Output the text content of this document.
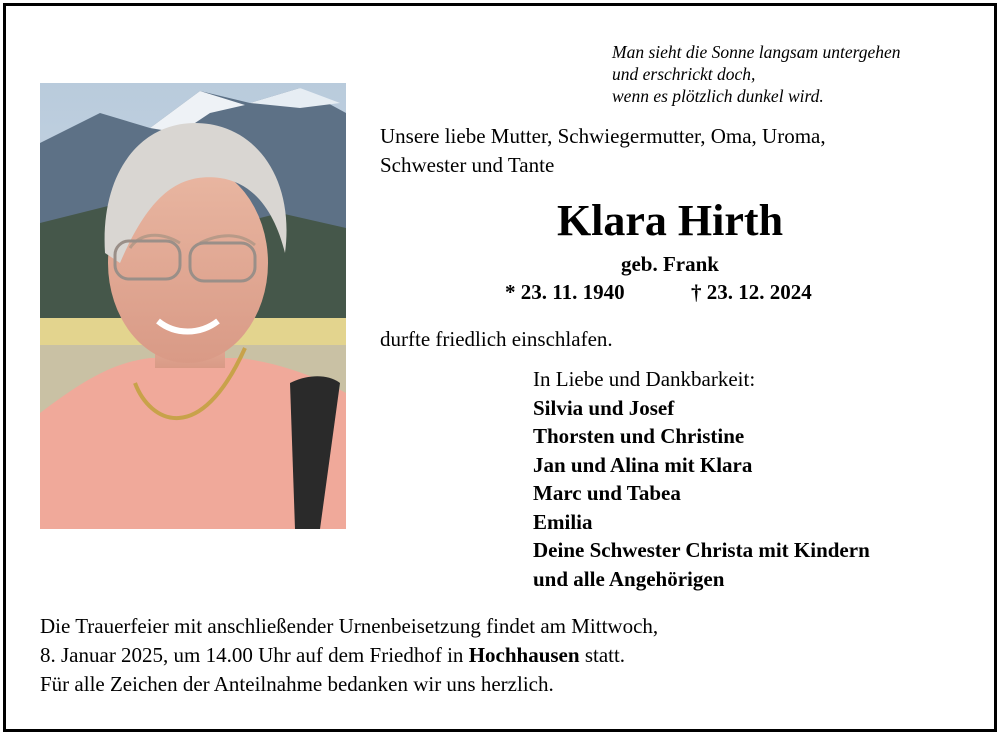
Man sieht die Sonne langsam untergehen
und erschrickt doch,
wenn es plötzlich dunkel wird.
Unsere liebe Mutter, Schwiegermutter, Oma, Uroma,
Schwester und Tante
Klara Hirth
geb. Frank
* 23. 11. 1940	† 23. 12. 2024
durfte friedlich einschlafen.
In Liebe und Dankbarkeit:
Silvia und Josef
Thorsten und Christine
Jan und Alina mit Klara
Marc und Tabea
Emilia
Deine Schwester Christa mit Kindern
und alle Angehörigen
Die Trauerfeier mit anschließender Urnenbeisetzung findet am Mittwoch,
8. Januar 2025, um 14.00 Uhr auf dem Friedhof in Hochhausen statt.
Für alle Zeichen der Anteilnahme bedanken wir uns herzlich.
